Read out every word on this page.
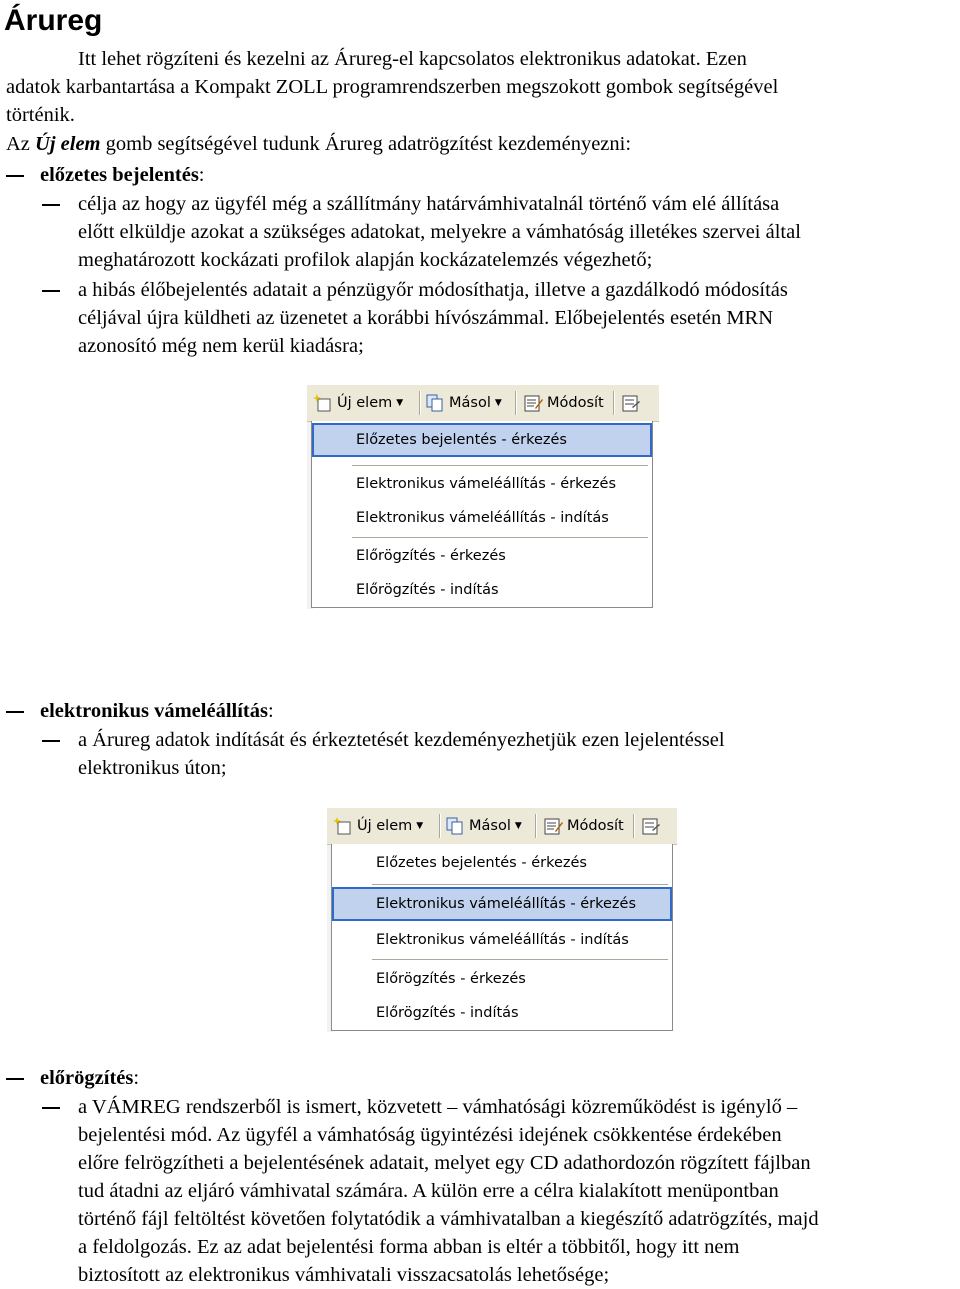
Árureg
Itt lehet rögzíteni és kezelni az Árureg-el kapcsolatos elektronikus adatokat. Ezen
adatok karbantartása a Kompakt ZOLL programrendszerben megszokott gombok segítségével
történik.
Az Új elem gomb segítségével tudunk Árureg adatrögzítést kezdeményezni:
előzetes bejelentés:
célja az hogy az ügyfél még a szállítmány határvámhivatalnál történő vám elé állítása
előtt elküldje azokat a szükséges adatokat, melyekre a vámhatóság illetékes szervei által
meghatározott kockázati profilok alapján kockázatelemzés végezhető;
a hibás élőbejelentés adatait a pénzügyőr módosíthatja, illetve a gazdálkodó módosítás
céljával újra küldheti az üzenetet a korábbi hívószámmal. Előbejelentés esetén MRN
azonosító még nem kerül kiadásra;
Új elem ▼	Másol ▼	Módosít
Előzetes bejelentés - érkezés
Elektronikus vámeléállítás - érkezés
Elektronikus vámeléállítás - indítás
Előrögzítés - érkezés
Előrögzítés - indítás
elektronikus vámeléállítás:
a Árureg adatok indítását és érkeztetését kezdeményezhetjük ezen lejelentéssel
elektronikus úton;
Új elem ▼	Másol ▼	Módosít
Előzetes bejelentés - érkezés
Elektronikus vámeléállítás - érkezés
Elektronikus vámeléállítás - indítás
Előrögzítés - érkezés
Előrögzítés - indítás
előrögzítés:
a VÁMREG rendszerből is ismert, közvetett – vámhatósági közreműködést is igénylő –
bejelentési mód. Az ügyfél a vámhatóság ügyintézési idejének csökkentése érdekében
előre felrögzítheti a bejelentésének adatait, melyet egy CD adathordozón rögzített fájlban
tud átadni az eljáró vámhivatal számára. A külön erre a célra kialakított menüpontban
történő fájl feltöltést követően folytatódik a vámhivatalban a kiegészítő adatrögzítés, majd
a feldolgozás. Ez az adat bejelentési forma abban is eltér a többitől, hogy itt nem
biztosított az elektronikus vámhivatali visszacsatolás lehetősége;
